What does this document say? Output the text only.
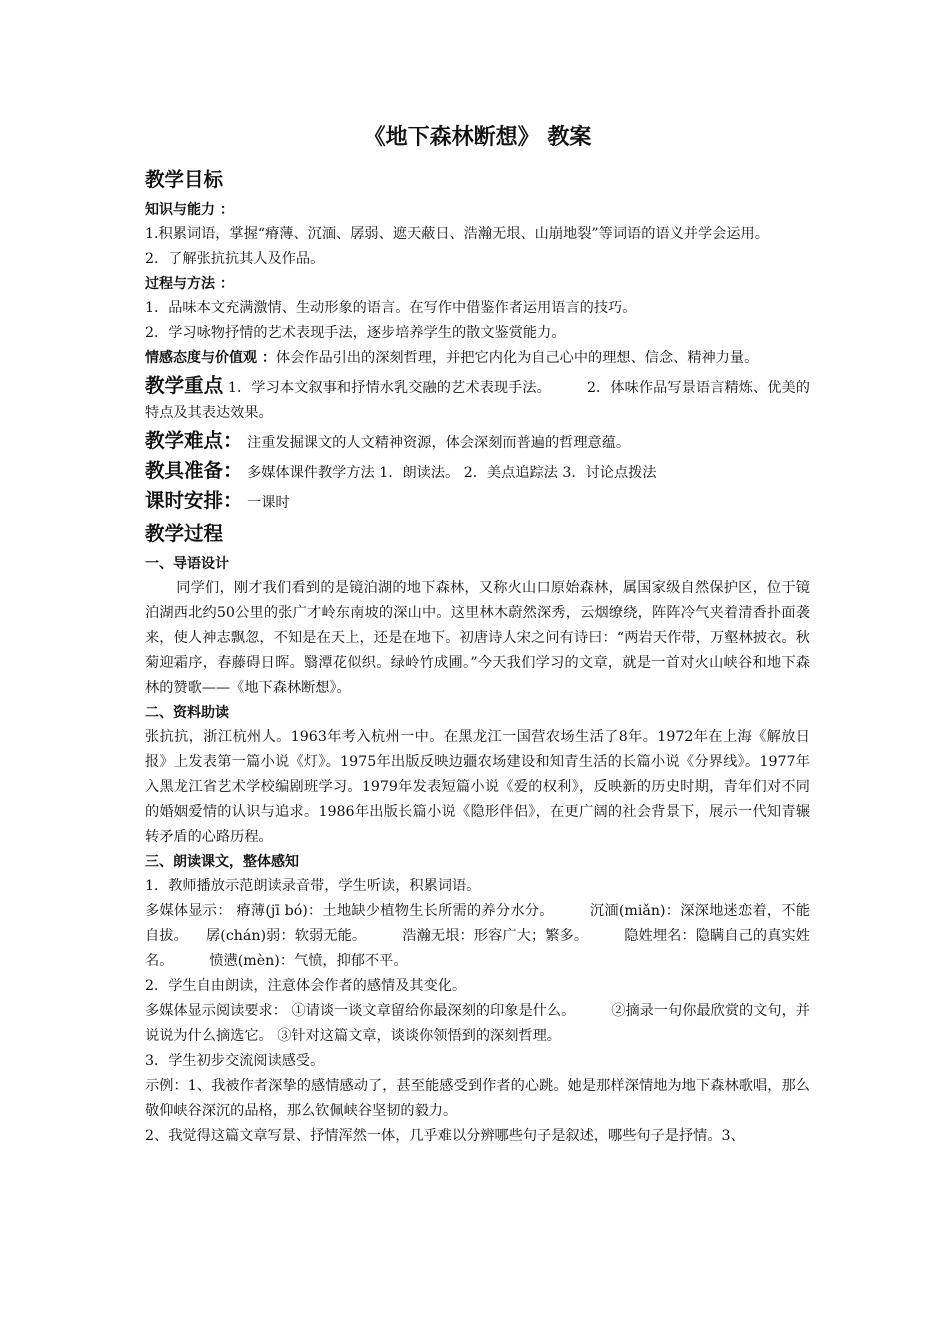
《地下森林断想》 教案
教学目标
知识与能力 ：

1.积累词语，掌握“瘠薄、沉湎、孱弱、遮天蔽日、浩瀚无垠、山崩地裂”等词语的语义并学会运用。

2．了解张抗抗其人及作品。

过程与方法 ：

1．品味本文充满激情、生动形象的语言。在写作中借鉴作者运用语言的技巧。

2．学习咏物抒情的艺术表现手法，逐步培养学生的散文鉴赏能力。

情感态度与价值观 ：体会作品引出的深刻哲理，并把它内化为自己心中的理想、信念、精神力量。

教学重点 1．学习本文叙事和抒情水乳交融的艺术表现手法。	2．体味作品写景语言精炼、优美的特点及其表达效果。

教学难点： 注重发掘课文的人文精神资源，体会深刻而普遍的哲理意蕴。

教具准备： 多媒体课件教学方法 1．朗读法。 2．美点追踪法 3．讨论点拨法

课时安排： 一课时

教学过程
一、导语设计

同学们，刚才我们看到的是镜泊湖的地下森林，又称火山口原始森林，属国家级自然保护区，位于镜泊湖西北约50公里的张广才岭东南坡的深山中。这里林木蔚然深秀，云烟缭绕，阵阵冷气夹着清香扑面袭来，使人神志飘忽，不知是在天上，还是在地下。初唐诗人宋之问有诗曰：“两岩天作带，万壑林披衣。秋菊迎霜序，春藤碍日晖。翳潭花似织。绿岭竹成圃。”今天我们学习的文章，就是一首对火山峡谷和地下森林的赞歌——《地下森林断想》。

二、资料助读

张抗抗，浙江杭州人。1963年考入杭州一中。在黑龙江一国营农场生活了8年。1972年在上海《解放日报》上发表第一篇小说《灯》。1975年出版反映边疆农场建设和知青生活的长篇小说《分界线》。1977年入黑龙江省艺术学校编剧班学习。1979年发表短篇小说《爱的权利》，反映新的历史时期，青年们对不同的婚姻爱情的认识与追求。1986年出版长篇小说《隐形伴侣》，在更广阔的社会背景下，展示一代知青辗转矛盾的心路历程。

三、朗读课文，整体感知

1．教师播放示范朗读录音带，学生听读，积累词语。

多媒体显示： 瘠薄(jī bó)：土地缺少植物生长所需的养分水分。	沉湎(miǎn)：深深地迷恋着，不能自拔。 孱(chán)弱：软弱无能。	浩瀚无垠：形容广大；繁多。	隐姓埋名：隐瞒自己的真实姓名。	愤懑(mèn)：气愤，抑郁不平。

2．学生自由朗读，注意体会作者的感情及其变化。

多媒体显示阅读要求： ①请谈一谈文章留给你最深刻的印象是什么。	②摘录一句你最欣赏的文句，并说说为什么摘选它。 ③针对这篇文章，谈谈你领悟到的深刻哲理。

3．学生初步交流阅读感受。

示例：1、我被作者深挚的感情感动了，甚至能感受到作者的心跳。她是那样深情地为地下森林歌唱，那么敬仰峡谷深沉的品格，那么钦佩峡谷坚韧的毅力。

2、我觉得这篇文章写景、抒情浑然一体，几乎难以分辨哪些句子是叙述，哪些句子是抒情。3、
